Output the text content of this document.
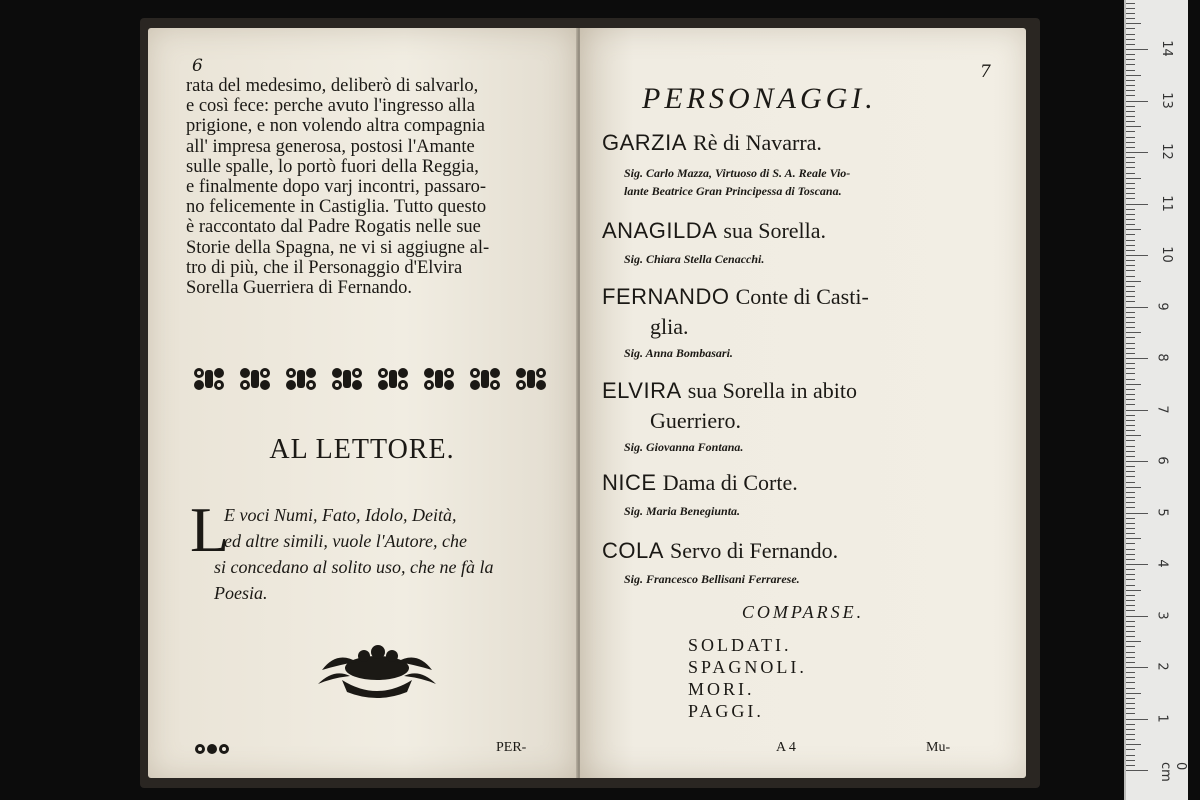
6
rata del medesimo, deliberò di salvarlo,
e così fece: perche avuto l'ingresso alla
prigione, e non volendo altra compagnia
all' impresa generosa, postosi l'Amante
sulle spalle, lo portò fuori della Reggia,
e finalmente dopo varj incontri, passaro-
no felicemente in Castiglia. Tutto questo
è raccontato dal Padre Rogatis nelle sue
Storie della Spagna, ne vi si aggiugne al-
tro di più, che il Personaggio d'Elvira
Sorella Guerriera di Fernando.
AL LETTORE.
L
E voci Numi, Fato, Idolo, Deità,
ed altre simili, vuole l'Autore, che
si concedano al solito uso, che ne fà la
Poesia.
PER-
7
PERSONAGGI.
GARZIA Rè di Navarra.
Sig. Carlo Mazza, Virtuoso di S. A. Reale Vio-
lante Beatrice Gran Principessa di Toscana.
ANAGILDA sua Sorella.
Sig. Chiara Stella Cenacchi.
FERNANDO Conte di Casti-
glia.
Sig. Anna Bombasari.
ELVIRA sua Sorella in abito
Guerriero.
Sig. Giovanna Fontana.
NICE Dama di Corte.
Sig. Maria Benegiunta.
COLA Servo di Fernando.
Sig. Francesco Bellisani Ferrarese.
COMPARSE.
SOLDATI.
SPAGNOLI.
MORI.
PAGGI.
A 4	Mu-
0 cm
1
2
3
4
5
6
7
8
9
10
11
12
13
14
